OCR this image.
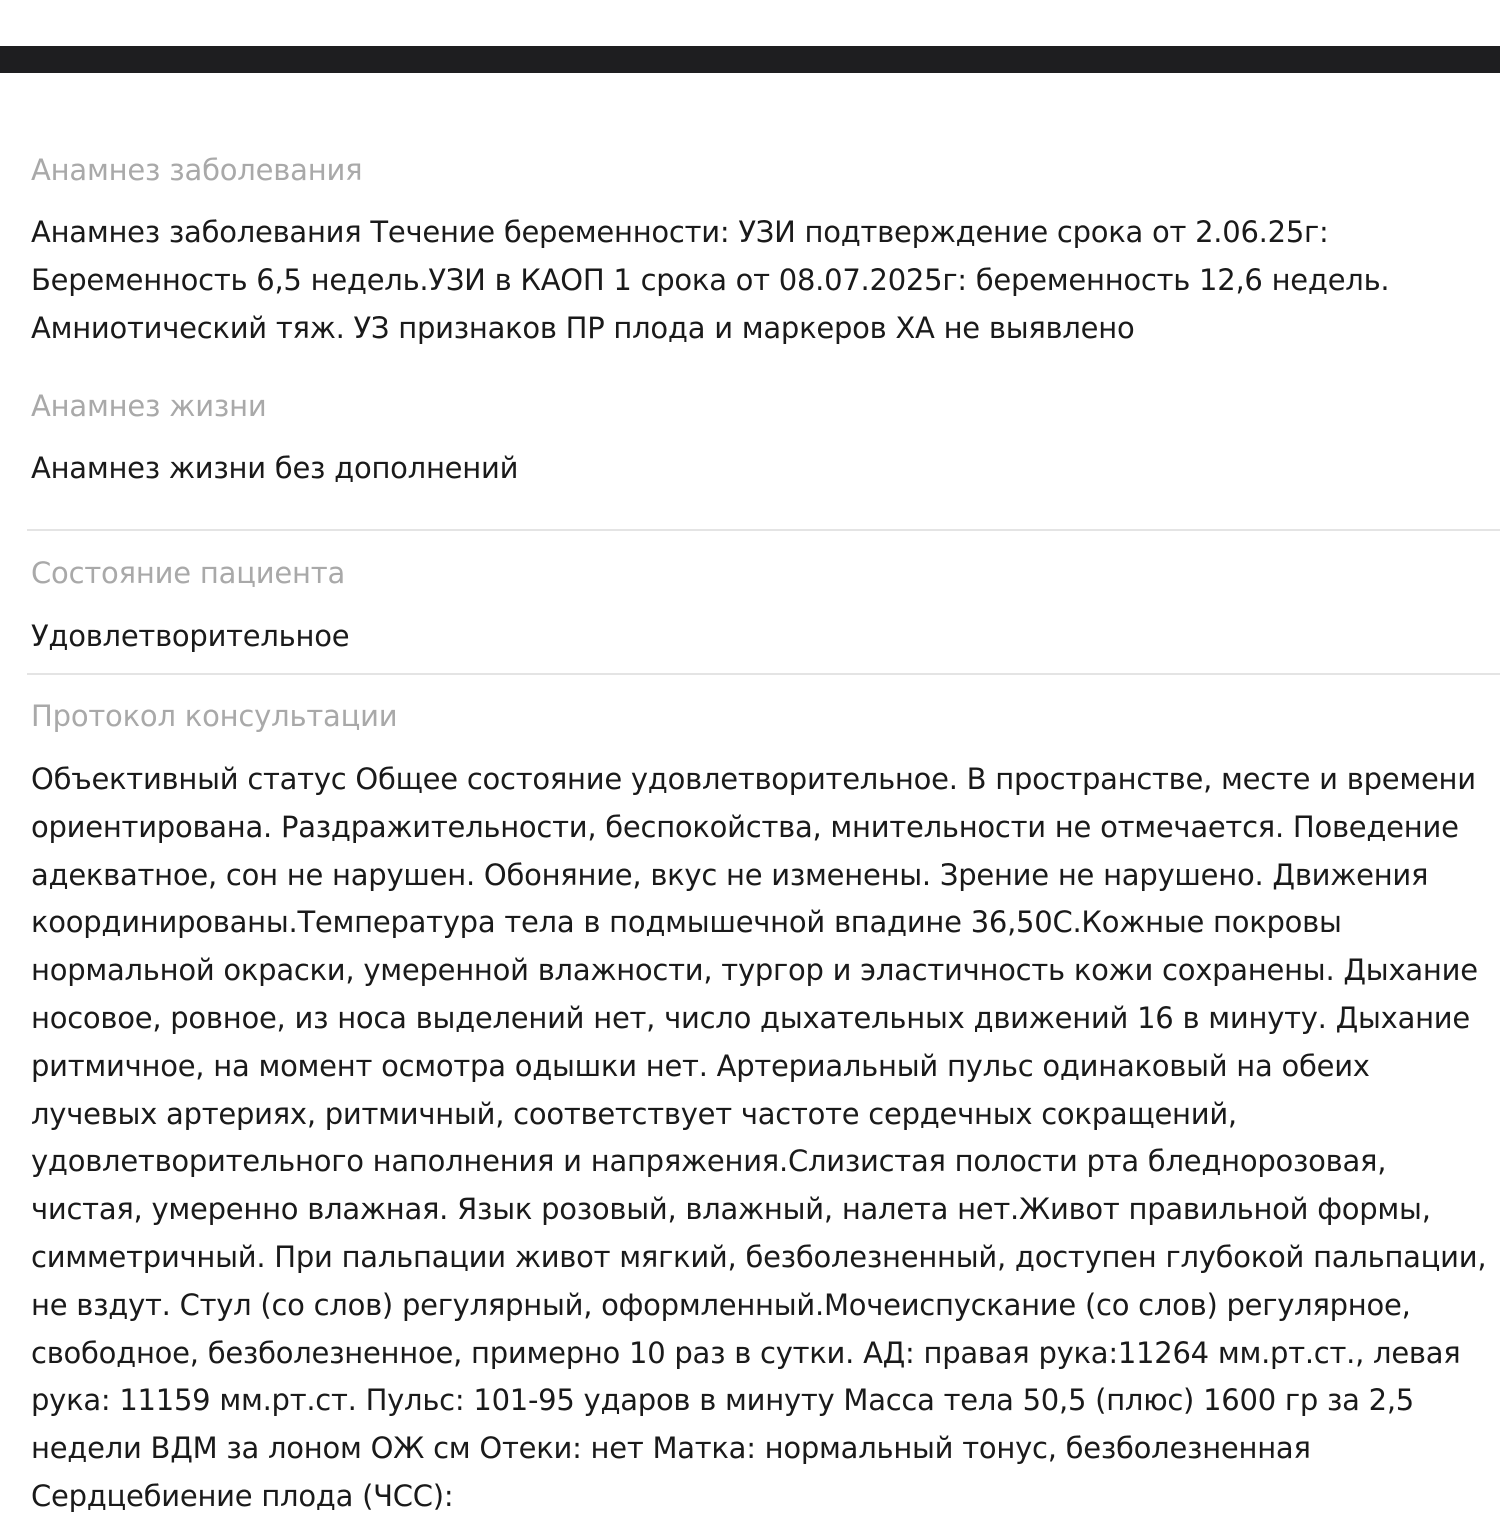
Анамнез заболевания
Анамнез заболевания Течение беременности: УЗИ подтверждение срока от 2.06.25г:
Беременность 6,5 недель.УЗИ в КАОП 1 срока от 08.07.2025г: беременность 12,6 недель.
Амниотический тяж. УЗ признаков ПР плода и маркеров ХА не выявлено
Анамнез жизни
Анамнез жизни без дополнений
Состояние пациента
Удовлетворительное
Протокол консультации
Объективный статус Общее состояние удовлетворительное. В пространстве, месте и времени
ориентирована. Раздражительности, беспокойства, мнительности не отмечается. Поведение
адекватное, сон не нарушен. Обоняние, вкус не изменены. Зрение не нарушено. Движения
координированы.Температура тела в подмышечной впадине 36,50С.Кожные покровы
нормальной окраски, умеренной влажности, тургор и эластичность кожи сохранены. Дыхание
носовое, ровное, из носа выделений нет, число дыхательных движений 16 в минуту. Дыхание
ритмичное, на момент осмотра одышки нет. Артериальный пульс одинаковый на обеих
лучевых артериях, ритмичный, соответствует частоте сердечных сокращений,
удовлетворительного наполнения и напряжения.Слизистая полости рта бледнорозовая,
чистая, умеренно влажная. Язык розовый, влажный, налета нет.Живот правильной формы,
симметричный. При пальпации живот мягкий, безболезненный, доступен глубокой пальпации,
не вздут. Стул (со слов) регулярный, оформленный.Мочеиспускание (со слов) регулярное,
свободное, безболезненное, примерно 10 раз в сутки. АД: правая рука:11264 мм.рт.ст., левая
рука: 11159 мм.рт.ст. Пульс: 101-95 ударов в минуту Масса тела 50,5 (плюс) 1600 гр за 2,5
недели ВДМ за лоном ОЖ см Отеки: нет Матка: нормальный тонус, безболезненная
Сердцебиение плода (ЧСС):
